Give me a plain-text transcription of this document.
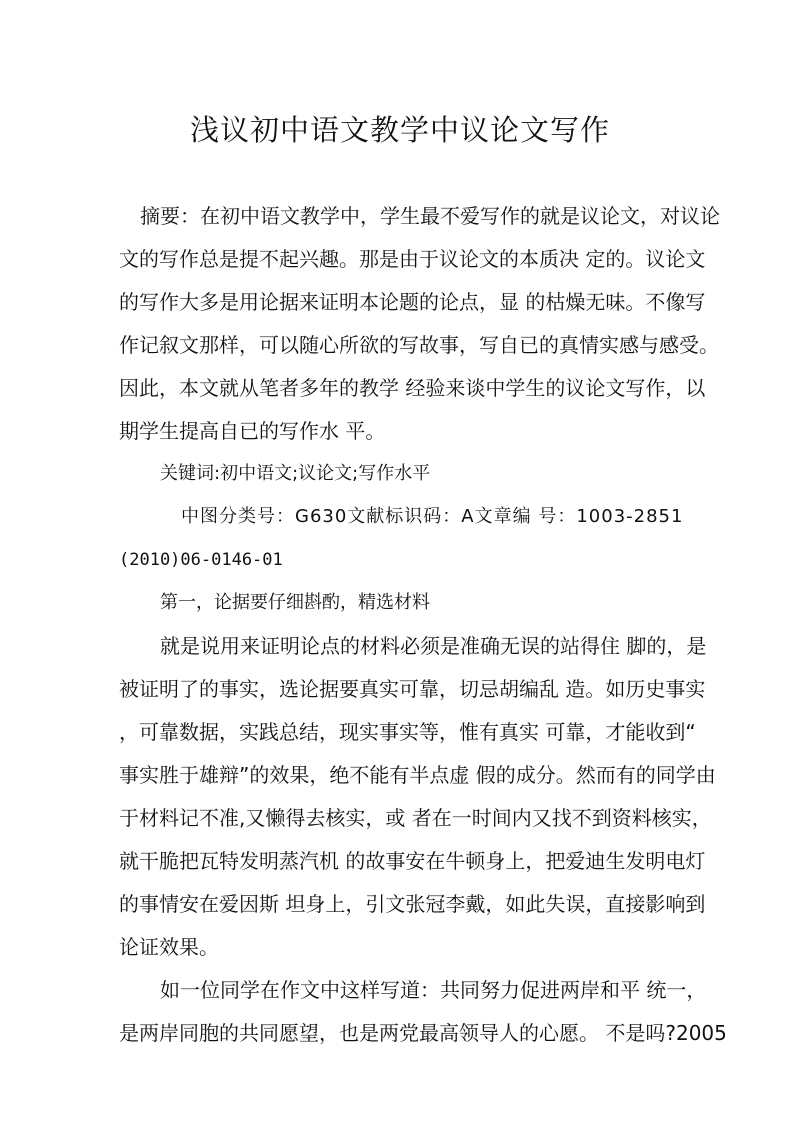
浅议初中语文教学中议论文写作
摘要：在初中语文教学中，学生最不爱写作的就是议论文，对议论
文的写作总是提不起兴趣。那是由于议论文的本质决 定的。议论文
的写作大多是用论据来证明本论题的论点，显 的枯燥无味。不像写
作记叙文那样，可以随心所欲的写故事，写自已的真情实感与感受。
因此，本文就从笔者多年的教学 经验来谈中学生的议论文写作，以
期学生提高自已的写作水 平。
关键词:初中语文;议论文;写作水平
中图分类号：G630文献标识码：A文章编 号：1003-2851
(2010)06-0146-01
第一，论据要仔细斟酌，精选材料
就是说用来证明论点的材料必须是准确无误的站得住 脚的，是
被证明了的事实，选论据要真实可靠，切忌胡编乱 造。如历史事实
，可靠数据，实践总结，现实事实等，惟有真实 可靠，才能收到“
事实胜于雄辩”的效果，绝不能有半点虚 假的成分。然而有的同学由
于材料记不准,又懒得去核实，或 者在一时间内又找不到资料核实，
就干脆把瓦特发明蒸汽机 的故事安在牛顿身上，把爱迪生发明电灯
的事情安在爱因斯 坦身上，引文张冠李戴，如此失误，直接影响到
论证效果。
如一位同学在作文中这样写道：共同努力促进两岸和平 统一，
是两岸同胞的共同愿望，也是两党最高领导人的心愿。 不是吗?2005
